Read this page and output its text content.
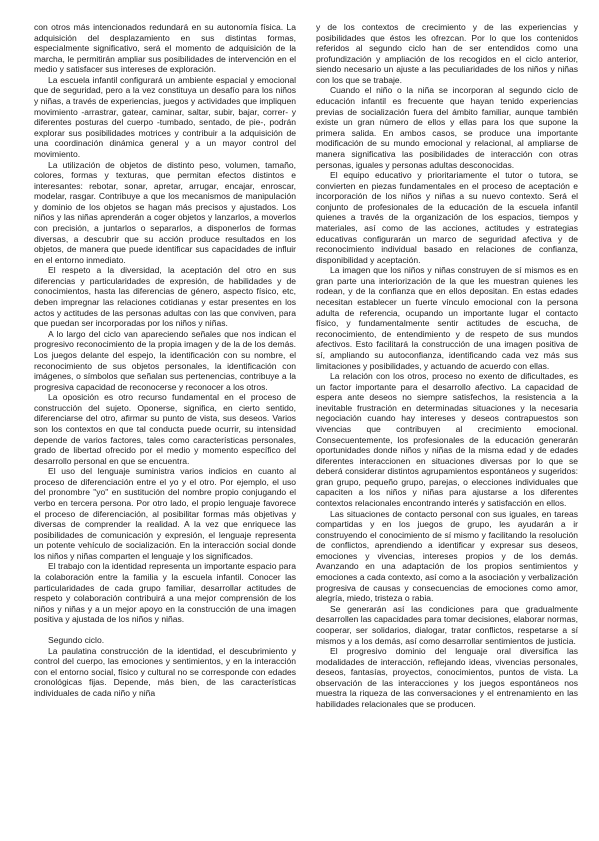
con otros más intencionados redundará en su autonomía física. La adquisición del desplazamiento en sus distintas formas, especialmente significativo, será el momento de adquisición de la marcha, le permitirán ampliar sus posibilidades de intervención en el medio y satisfacer sus intereses de exploración.

La escuela infantil configurará un ambiente espacial y emocional que de seguridad, pero a la vez constituya un desafío para los niños y niñas, a través de experiencias, juegos y actividades que impliquen movimiento -arrastrar, gatear, caminar, saltar, subir, bajar, correr- y diferentes posturas del cuerpo -tumbado, sentado, de pie-, podrán explorar sus posibilidades motrices y contribuir a la adquisición de una coordinación dinámica general y a un mayor control del movimiento.

La utilización de objetos de distinto peso, volumen, tamaño, colores, formas y texturas, que permitan efectos distintos e interesantes: rebotar, sonar, apretar, arrugar, encajar, enroscar, modelar, rasgar. Contribuye a que los mecanismos de manipulación y dominio de los objetos se hagan más precisos y ajustados. Los niños y las niñas aprenderán a coger objetos y lanzarlos, a moverlos con precisión, a juntarlos o separarlos, a disponerlos de formas diversas, a descubrir que su acción produce resultados en los objetos, de manera que puede identificar sus capacidades de influir en el entorno inmediato.

El respeto a la diversidad, la aceptación del otro en sus diferencias y particularidades de expresión, de habilidades y de conocimientos, hasta las diferencias de género, aspecto físico, etc, deben impregnar las relaciones cotidianas y estar presentes en los actos y actitudes de las personas adultas con las que conviven, para que puedan ser incorporadas por los niños y niñas.

A lo largo del ciclo van apareciendo señales que nos indican el progresivo reconocimiento de la propia imagen y de la de los demás. Los juegos delante del espejo, la identificación con su nombre, el reconocimiento de sus objetos personales, la identificación con imágenes, o símbolos que señalan sus pertenencias, contribuye a la progresiva capacidad de reconocerse y reconocer a los otros.

La oposición es otro recurso fundamental en el proceso de construcción del sujeto. Oponerse, significa, en cierto sentido, diferenciarse del otro, afirmar su punto de vista, sus deseos. Varios son los contextos en que tal conducta puede ocurrir, su intensidad depende de varios factores, tales como características personales, grado de libertad ofrecido por el medio y momento específico del desarrollo personal en que se encuentra.

El uso del lenguaje suministra varios indicios en cuanto al proceso de diferenciación entre el yo y el otro. Por ejemplo, el uso del pronombre "yo" en sustitución del nombre propio conjugando el verbo en tercera persona. Por otro lado, el propio lenguaje favorece el proceso de diferenciación, al posibilitar formas más objetivas y diversas de comprender la realidad. A la vez que enriquece las posibilidades de comunicación y expresión, el lenguaje representa un potente vehículo de socialización. En la interacción social donde los niños y niñas comparten el lenguaje y los significados.

El trabajo con la identidad representa un importante espacio para la colaboración entre la familia y la escuela infantil. Conocer las particularidades de cada grupo familiar, desarrollar actitudes de respeto y colaboración contribuirá a una mejor comprensión de los niños y niñas y a un mejor apoyo en la construcción de una imagen positiva y ajustada de los niños y niñas.

Segundo ciclo.

La paulatina construcción de la identidad, el descubrimiento y control del cuerpo, las emociones y sentimientos, y en la interacción con el entorno social, físico y cultural no se corresponde con edades cronológicas fijas. Depende, más bien, de las características individuales de cada niño y niña

y de los contextos de crecimiento y de las experiencias y posibilidades que éstos les ofrezcan. Por lo que los contenidos referidos al segundo ciclo han de ser entendidos como una profundización y ampliación de los recogidos en el ciclo anterior, siendo necesario un ajuste a las peculiaridades de los niños y niñas con los que se trabaje.

Cuando el niño o la niña se incorporan al segundo ciclo de educación infantil es frecuente que hayan tenido experiencias previas de socialización fuera del ámbito familiar, aunque también existe un gran número de ellos y ellas para los que supone la primera salida. En ambos casos, se produce una importante modificación de su mundo emocional y relacional, al ampliarse de manera significativa las posibilidades de interacción con otras personas, iguales y personas adultas desconocidas.

El equipo educativo y prioritariamente el tutor o tutora, se convierten en piezas fundamentales en el proceso de aceptación e incorporación de los niños y niñas a su nuevo contexto. Será el conjunto de profesionales de la educación de la escuela infantil quienes a través de la organización de los espacios, tiempos y materiales, así como de las acciones, actitudes y estrategias educativas configurarán un marco de seguridad afectiva y de reconocimiento individual basado en relaciones de confianza, disponibilidad y aceptación.

La imagen que los niños y niñas construyen de sí mismos es en gran parte una interiorización de la que les muestran quienes les rodean, y de la confianza que en ellos depositan. En estas edades necesitan establecer un fuerte vínculo emocional con la persona adulta de referencia, ocupando un importante lugar el contacto físico, y fundamentalmente sentir actitudes de escucha, de reconocimiento, de entendimiento y de respeto de sus mundos afectivos. Esto facilitará la construcción de una imagen positiva de sí, ampliando su autoconfianza, identificando cada vez más sus limitaciones y posibilidades, y actuando de acuerdo con ellas.

La relación con los otros, proceso no exento de dificultades, es un factor importante para el desarrollo afectivo. La capacidad de espera ante deseos no siempre satisfechos, la resistencia a la inevitable frustración en determinadas situaciones y la necesaria negociación cuando hay intereses y deseos contrapuestos son vivencias que contribuyen al crecimiento emocional. Consecuentemente, los profesionales de la educación generarán oportunidades donde niños y niñas de la misma edad y de edades diferentes interaccionen en situaciones diversas por lo que se deberá considerar distintos agrupamientos espontáneos y sugeridos: gran grupo, pequeño grupo, parejas, o elecciones individuales que capaciten a los niños y niñas para ajustarse a los diferentes contextos relacionales encontrando interés y satisfacción en ellos.

Las situaciones de contacto personal con sus iguales, en tareas compartidas y en los juegos de grupo, les ayudarán a ir construyendo el conocimiento de sí mismo y facilitando la resolución de conflictos, aprendiendo a identificar y expresar sus deseos, emociones y vivencias, intereses propios y de los demás. Avanzando en una adaptación de los propios sentimientos y emociones a cada contexto, así como a la asociación y verbalización progresiva de causas y consecuencias de emociones como amor, alegría, miedo, tristeza o rabia.

Se generarán así las condiciones para que gradualmente desarrollen las capacidades para tomar decisiones, elaborar normas, cooperar, ser solidarios, dialogar, tratar conflictos, respetarse a sí mismos y a los demás, así como desarrollar sentimientos de justicia.

El progresivo dominio del lenguaje oral diversifica las modalidades de interacción, reflejando ideas, vivencias personales, deseos, fantasías, proyectos, conocimientos, puntos de vista. La observación de las interacciones y los juegos espontáneos nos muestra la riqueza de las conversaciones y el entrenamiento en las habilidades relacionales que se producen.
